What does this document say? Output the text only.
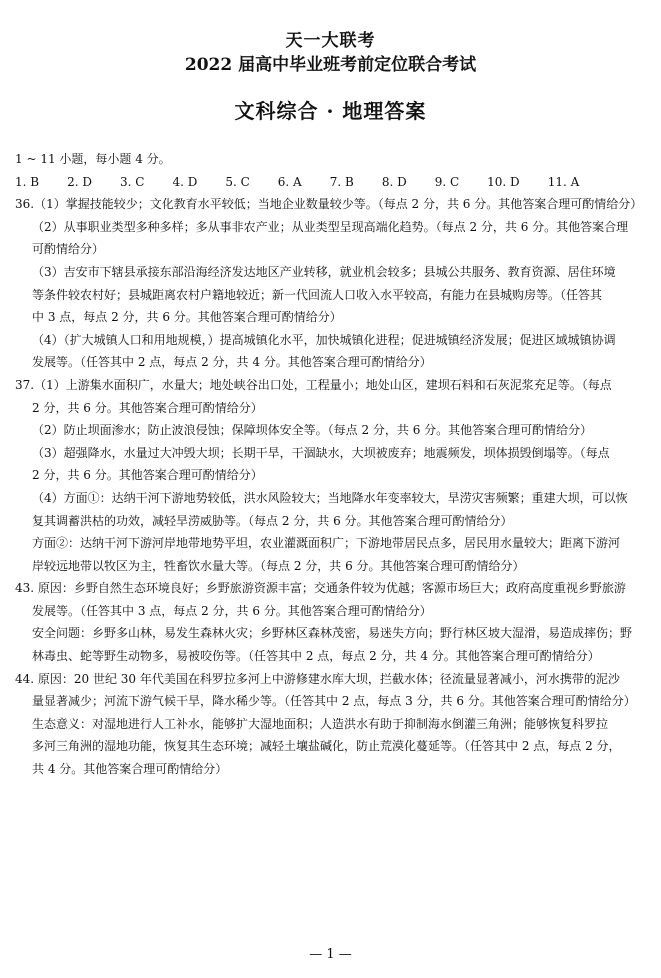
天一大联考
2022 届高中毕业班考前定位联合考试
文科综合 · 地理答案
1 ~ 11 小题，每小题 4 分。
1. B 2. D 3. C 4. D 5. C 6. A 7. B 8. D 9. C 10. D 11. A
36.（1）掌握技能较少；文化教育水平较低；当地企业数量较少等。（每点 2 分，共 6 分。其他答案合理可酌情给分）
（2）从事职业类型多种多样；多从事非农产业；从业类型呈现高端化趋势。（每点 2 分，共 6 分。其他答案合理
可酌情给分）
（3）吉安市下辖县承接东部沿海经济发达地区产业转移，就业机会较多；县城公共服务、教育资源、居住环境
等条件较农村好；县城距离农村户籍地较近；新一代回流人口收入水平较高，有能力在县城购房等。（任答其
中 3 点，每点 2 分，共 6 分。其他答案合理可酌情给分）
（4）（扩大城镇人口和用地规模，）提高城镇化水平，加快城镇化进程；促进城镇经济发展；促进区域城镇协调
发展等。（任答其中 2 点，每点 2 分，共 4 分。其他答案合理可酌情给分）
37.（1）上游集水面积广，水量大；地处峡谷出口处，工程量小；地处山区，建坝石料和石灰泥浆充足等。（每点
2 分，共 6 分。其他答案合理可酌情给分）
（2）防止坝面渗水；防止波浪侵蚀；保障坝体安全等。（每点 2 分，共 6 分。其他答案合理可酌情给分）
（3）超强降水，水量过大冲毁大坝；长期干旱，干涸缺水，大坝被废弃；地震频发，坝体损毁倒塌等。（每点
2 分，共 6 分。其他答案合理可酌情给分）
（4）方面①：达纳干河下游地势较低，洪水风险较大；当地降水年变率较大，旱涝灾害频繁；重建大坝，可以恢
复其调蓄洪枯的功效，减轻旱涝威胁等。（每点 2 分，共 6 分。其他答案合理可酌情给分）
方面②：达纳干河下游河岸地带地势平坦，农业灌溉面积广；下游地带居民点多，居民用水量较大；距离下游河
岸较远地带以牧区为主，牲畜饮水量大等。（每点 2 分，共 6 分。其他答案合理可酌情给分）
43. 原因：乡野自然生态环境良好；乡野旅游资源丰富；交通条件较为优越；客源市场巨大；政府高度重视乡野旅游
发展等。（任答其中 3 点，每点 2 分，共 6 分。其他答案合理可酌情给分）
安全问题：乡野多山林，易发生森林火灾；乡野林区森林茂密，易迷失方向；野行林区坡大湿滑，易造成摔伤；野
林毒虫、蛇等野生动物多，易被咬伤等。（任答其中 2 点，每点 2 分，共 4 分。其他答案合理可酌情给分）
44. 原因：20 世纪 30 年代美国在科罗拉多河上中游修建水库大坝，拦截水体；径流量显著减小，河水携带的泥沙
量显著减少；河流下游气候干旱，降水稀少等。（任答其中 2 点，每点 3 分，共 6 分。其他答案合理可酌情给分）
生态意义：对湿地进行人工补水，能够扩大湿地面积；人造洪水有助于抑制海水倒灌三角洲；能够恢复科罗拉
多河三角洲的湿地功能，恢复其生态环境；减轻土壤盐碱化，防止荒漠化蔓延等。（任答其中 2 点，每点 2 分，
共 4 分。其他答案合理可酌情给分）
— 1 —
